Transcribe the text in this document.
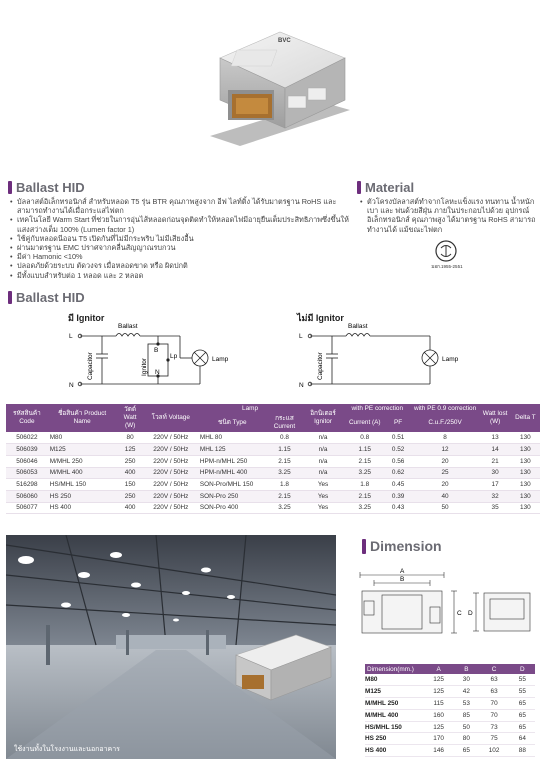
BVC
Ballast HID
• บัลลาสต์อิเล็กทรอนิกส์ สำหรับหลอด T5 รุ่น BTR คุณภาพสูงจาก อีฟ ไลท์ติ้ง ได้รับมาตรฐาน RoHS และ สามารถทำงานได้เมื่อกระแสไฟตก
• เทคโนโลยี Warm Start ที่ช่วยในการอุ่นไส้หลอดก่อนจุดติดทำให้หลอดไฟมีอายุยืนเต็มประสิทธิภาพซึ่งขึ้นให้แสงสว่างเต็ม 100% (Lumen factor 1)
• ใช้คู่กับหลอดนีออน T5 เปิดกันที่ไม่มีกระพริบ ไม่มีเสียงอื้น
• ผ่านมาตรฐาน EMC ปราศจากคลื่นสัญญาณรบกวน
• มีค่า Hamonic <10%
• ปลอดภัยด้วยระบบ ตัดวงจร เมื่อหลอดขาด หรือ ผิดปกติ
• มีทั้งแบบสำหรับต่อ 1 หลอด และ 2 หลอด
Material
• ตัวโครงบัลลาสต์ทำจากโลหะแข็งแรง ทนทาน น้ำหนักเบา และ พ่นด้วยสีฝุ่น ภายในประกอบไปด้วย อุปกรณ์อิเล็กทรอนิกส์ คุณภาพสูง ได้มาตรฐาน RoHS สามารถทำงานได้ แม้ขณะไฟตก
มอก.1955-2551
Ballast HID
มี Ignitor	ไม่มี Ignitor
L
N
Ballast
Lamp
B
Lp
N
Capacitor	Ignitor
L
N
Ballast
Lamp
Capacitor
รหัสสินค้า Code	ชื่อสินค้า Product Name	วัตต์ Watt (W)	โวลท์ Voltage	Lamp		อิกนิเตอร์ Ignitor	with PE correction		with PE 0.9 correction	Watt lost (W)	Delta T
				ชนิด Type	กระแส Current		Current (A)	PF	C.u.F./250V		
506022	M80	80	220V / 50Hz	MHL 80	0.8	n/a	0.8	0.51	8	13	130
506039	M125	125	220V / 50Hz	MHL 125	1.15	n/a	1.15	0.52	12	14	130
506046	M/MHL 250	250	220V / 50Hz	HPM-n/MHL 250	2.15	n/a	2.15	0.56	20	21	130
506053	M/MHL 400	400	220V / 50Hz	HPM-n/MHL 400	3.25	n/a	3.25	0.62	25	30	130
516298	HS/MHL 150	150	220V / 50Hz	SON-Pro/MHL 150	1.8	Yes	1.8	0.45	20	17	130
506060	HS 250	250	220V / 50Hz	SON-Pro 250	2.15	Yes	2.15	0.39	40	32	130
506077	HS 400	400	220V / 50Hz	SON-Pro 400	3.25	Yes	3.25	0.43	50	35	130
ใช้งานทั้งในโรงงานและนอกอาคาร
Dimension
A
B
C D
Dimension(mm.)	A	B	C	D
M80	125	30	63	55
M125	125	42	63	55
M/MHL 250	115	53	70	65
M/MHL 400	160	85	70	65
HS/MHL 150	125	50	73	65
HS 250	170	80	75	64
HS 400	146	65	102	88
